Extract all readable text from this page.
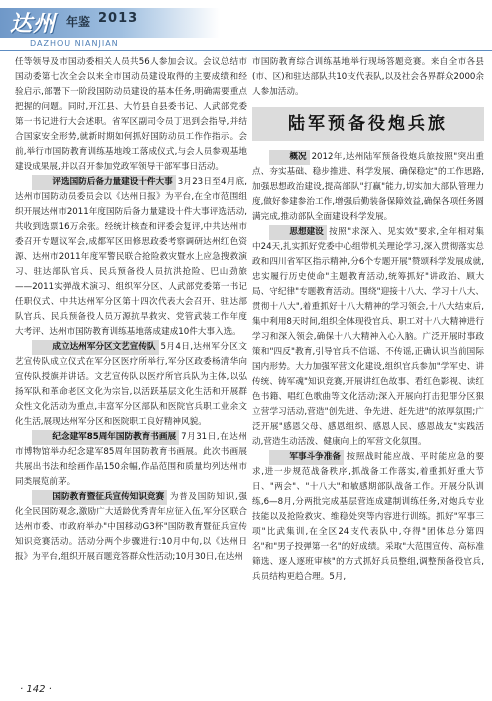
达州 年鉴 2013
DAZHOU NIANJIAN

任等领导及市国动委相关人员共56人参加会议。会议总结市国动委第七次全会以来全市国动员建设取得的主要成绩和经验启示,部署下一阶段国防动员建设的基本任务,明确需要重点把握的问题。同时,开江县、大竹县自县委书记、人武部党委第一书记进行大会述职。省军区副司令员丁迅到会指导,并结合国家安全形势,就新时期如何抓好国防动员工作作指示。会前,举行市国防教育训练基地竣工落成仪式,与会人员参观基地建设成果展,并以召开参加党政军领导干部军事日活动。

评选国防后备力量建设十件大事 3月23日至4月底,达州市国防动员委员会以《达州日报》为平台,在全市范围组织开展达州市2011年度国防后备力量建设十件大事评选活动,共收到选票16万余张。经统计核查和评委会复评,中共达州市委召开专题议军会,成都军区田修思政委考察调研达州红色资源、达州市2011年度军警民联合抢险救灾暨水上应急搜救演习、驻达部队官兵、民兵预备役人员抗洪抢险、巴山劲旅——2011实弹战术演习、组织军分区、人武部党委第一书记任职仪式、中共达州军分区第十四次代表大会召开、驻达部队官兵、民兵预备役人员万源抗旱救灾、党管武装工作年度大考评、达州市国防教育训练基地落成建成10件大事入选。

成立达州军分区文艺宣传队 5月4日,达州军分区文艺宣传队成立仪式在军分区医疗所举行,军分区政委杨清华向宣传队授旗并讲话。文艺宣传队以医疗所官兵队为主体,以弘扬军队和革命老区文化为宗旨,以活跃基层文化生活和开展群众性文化活动为重点,丰富军分区部队和医院官兵职工业余文化生活,展现达州军分区和医院职工良好精神风貌。

纪念建军85周年国防教育书画展 7月31日,在达州市博物馆举办纪念建军85周年国防教育书画展。此次书画展共展出书法和绘画作品150余幅,作品范围和质量均列达州市同类展览前茅。

国防教育暨征兵宣传知识竞赛 为普及国防知识,强化全民国防观念,激励广大适龄优秀青年应征入伍,军分区联合达州市委、市政府举办"中国移动G3杯"国防教育暨征兵宣传知识竞赛活动。活动分两个步骤进行:10月中旬,以《达州日报》为平台,组织开展百题竞答群众性活动;10月30日,在达州

市国防教育综合训练基地举行现场答题竞赛。来自全市各县(市、区)和驻达部队共10支代表队,以及社会各界群众2000余人参加活动。

陆军预备役炮兵旅

概况 2012年,达州陆军预备役炮兵旅按照"突出重点、夯实基础、稳步推进、科学发展、确保稳定"的工作思路,加强思想政治建设,提高部队"打赢"能力,切实加大部队管理力度,做好参建参治工作,增强后勤装备保障效益,确保各项任务圆满完成,推动部队全面建设科学发展。

思想建设 按照"求深入、见实效"要求,全年相对集中24天,扎实抓好党委中心组带机关理论学习,深入贯彻落实总政和四川省军区指示精神,分6个专题开展"赞颂科学发展成就,忠实履行历史使命"主题教育活动,统筹抓好"讲政治、顾大局、守纪律"专题教育活动。围绕"迎接十八大、学习十八大、贯彻十八大",着重抓好十八大精神的学习领会,十八大结束后,集中利用8天时间,组织全体现役官兵、职工对十八大精神进行学习和深入领会,确保十八大精神入心入脑。广泛开展时事政策和"四反"教育,引导官兵不信谣、不传谣,正确认识当前国际国内形势。大力加强军营文化建设,组织官兵参加"学军史、讲传统、铸军魂"知识竞赛,开展讲红色故事、看红色影视、读红色书籍、唱红色歌曲等文化活动;深入开展向打击犯罪分区狠立营学习活动,营造"创先进、争先进、赶先进"的浓厚氛围;广泛开展"感恩父母、感恩组织、感恩人民、感恩战友"实践活动,营造生动活泼、健康向上的军营文化氛围。

军事斗争准备 按照战时能应战、平时能应急的要求,进一步规范战备秩序,抓战备工作落实,着重抓好重大节日、"两会"、"十八大"和敏感期部队战备工作。开展分队训练,6—8月,分两批完成基层营连成建制训练任务,对炮兵专业技能以及抢险救灾、维稳处突等内容进行训练。抓好"军事三项"比武集训,在全区24支代表队中,夺得"团体总分第四名"和"男子投弹第一名"的好成绩。采取"大范围宣传、高标准筛选、逐人逐班审核"的方式抓好兵员整组,调整预备役官兵,兵员结构更趋合理。5月,

· 142 ·
